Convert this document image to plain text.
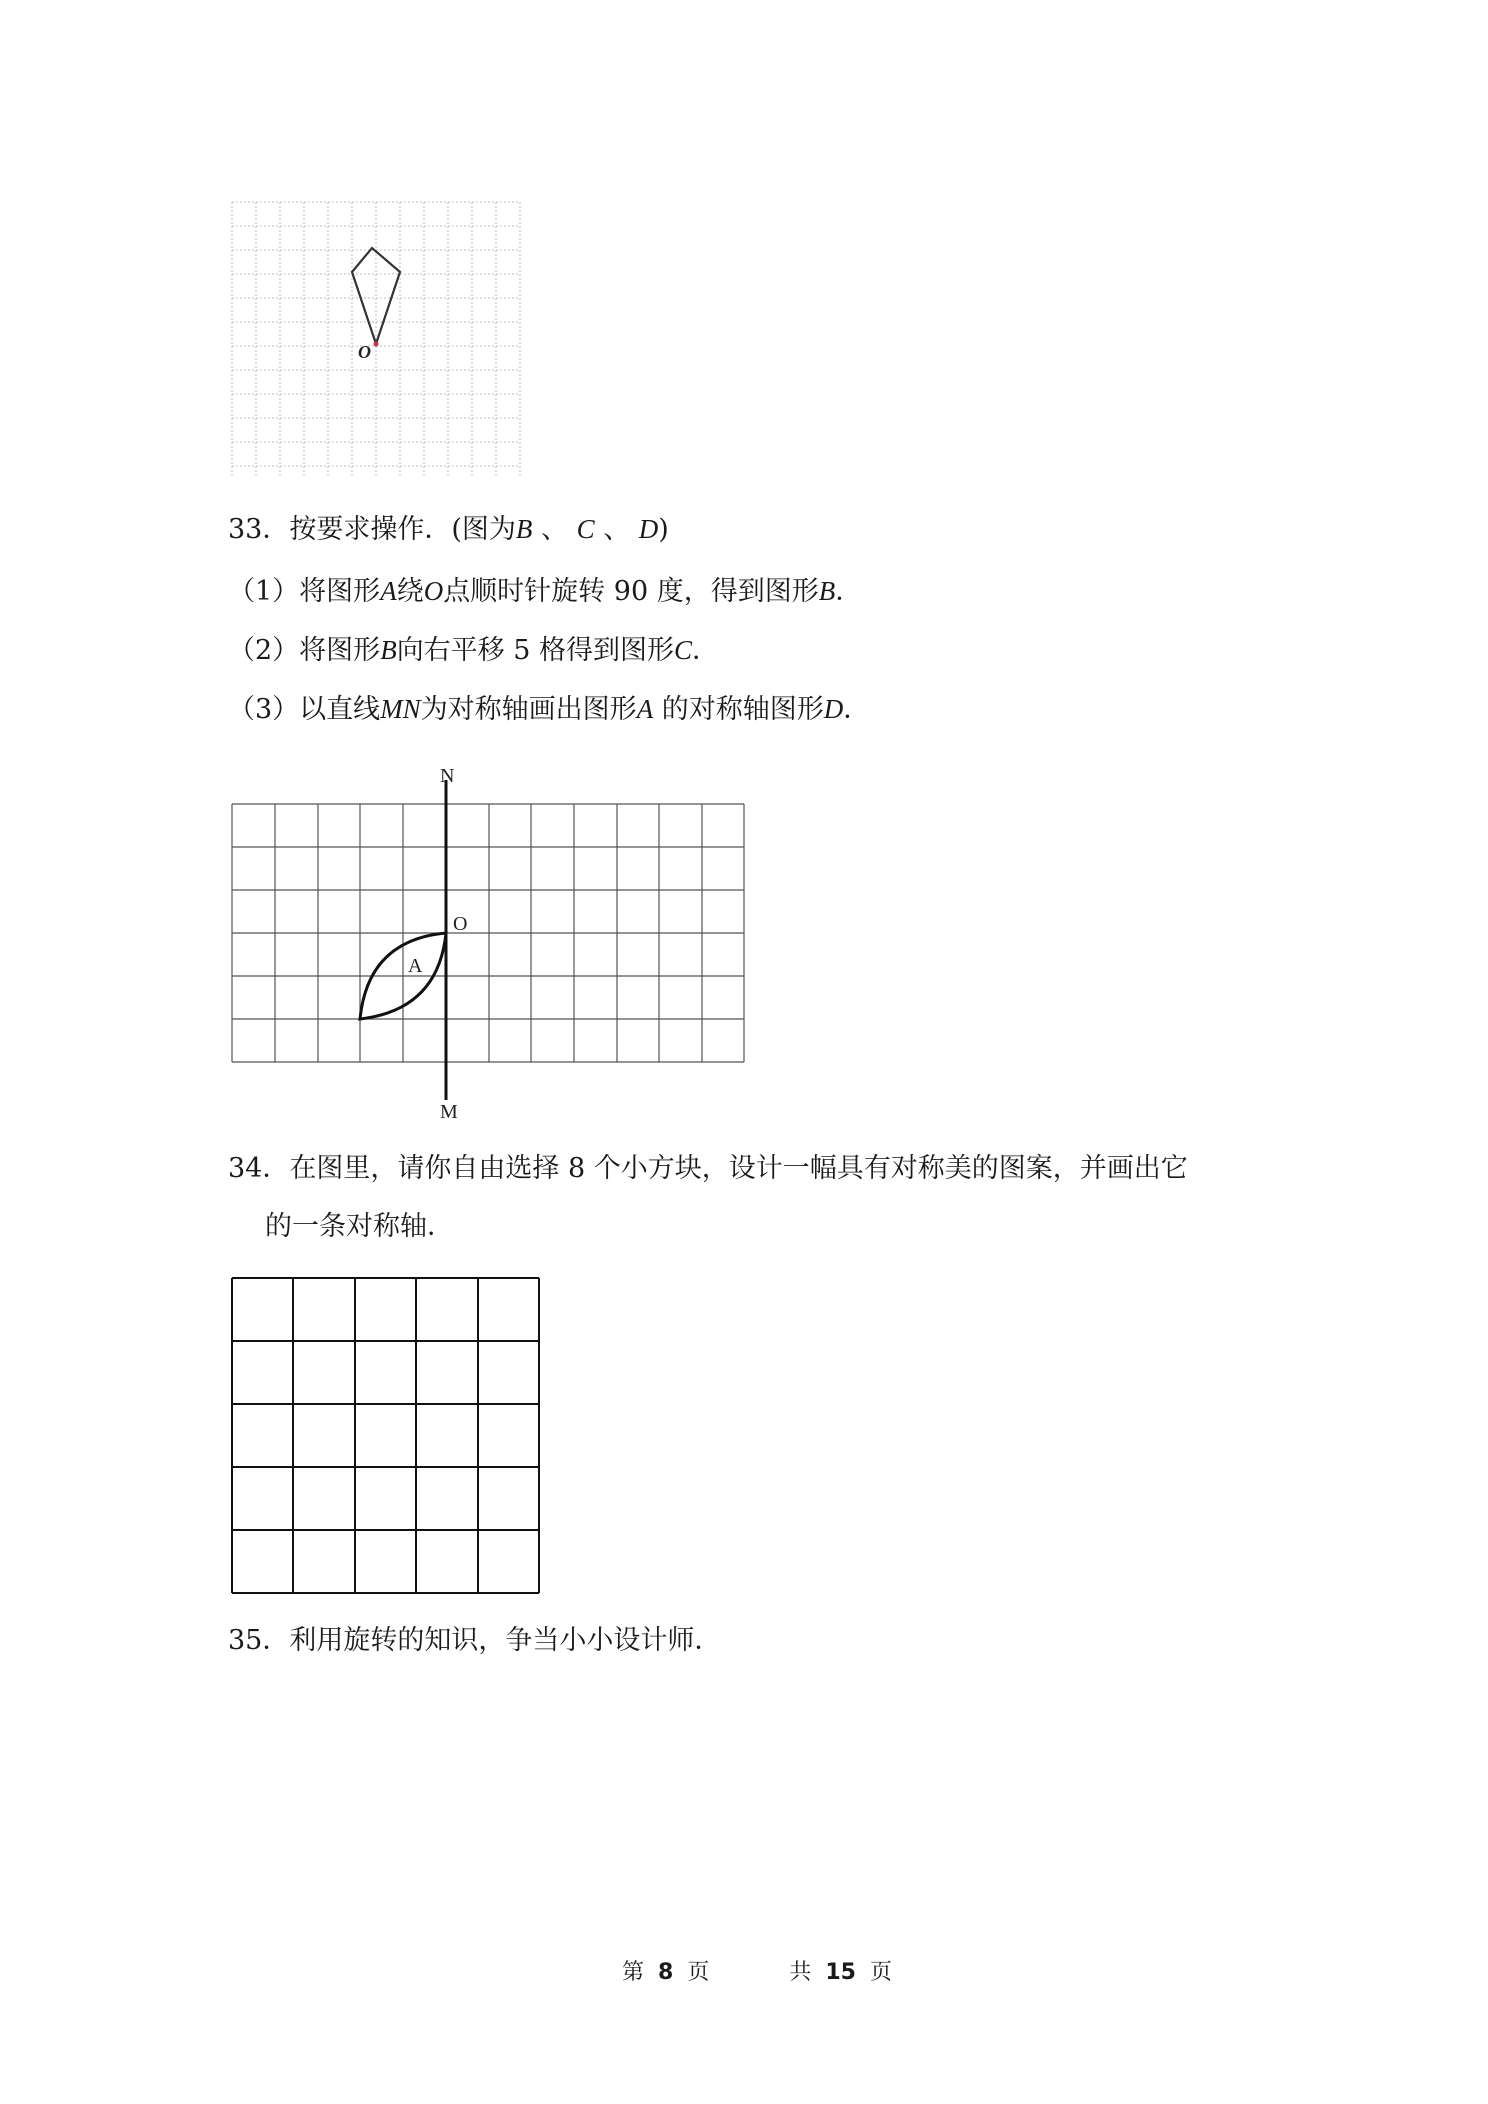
O
33．按要求操作．(图为B 、 C 、 D)
（1）将图形A绕O点顺时针旋转 90 度，得到图形B．
（2）将图形B向右平移 5 格得到图形C．
（3）以直线MN为对称轴画出图形A 的对称轴图形D．
N
M
O
A
34．在图里，请你自由选择 8 个小方块，设计一幅具有对称美的图案，并画出它
的一条对称轴．
35．利用旋转的知识，争当小小设计师．
第 8 页	共 15 页
